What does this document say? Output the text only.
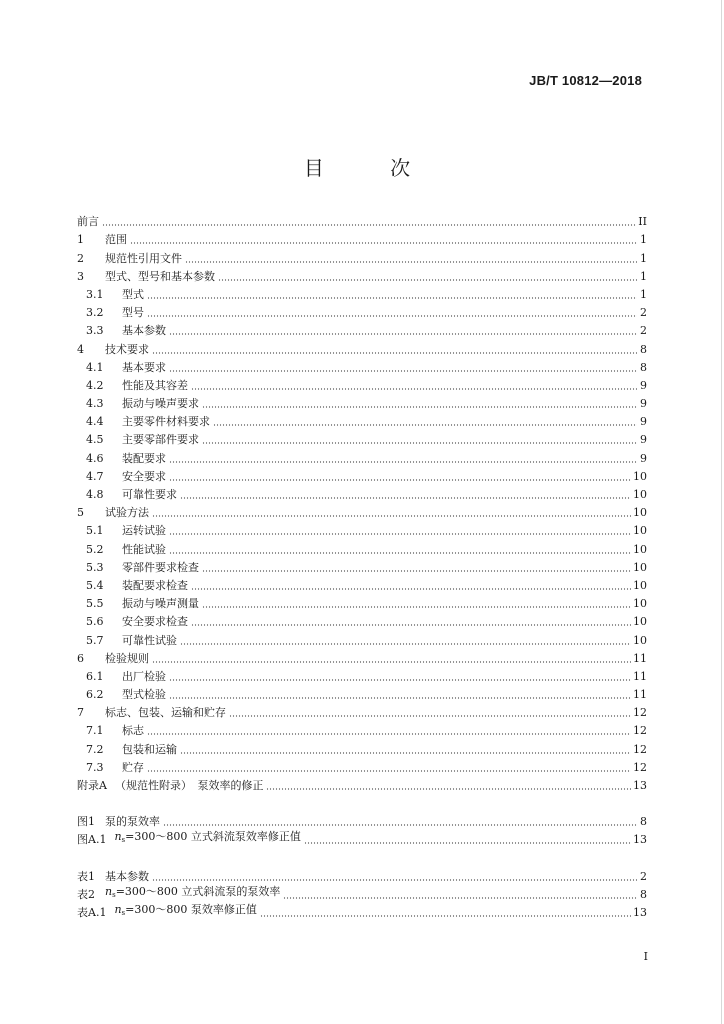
JB/T 10812—2018
目 次
前言	II
1	范围	1
2	规范性引用文件	1
3	型式、型号和基本参数	1
3.1	型式	1
3.2	型号	2
3.3	基本参数	2
4	技术要求	8
4.1	基本要求	8
4.2	性能及其容差	9
4.3	振动与噪声要求	9
4.4	主要零件材料要求	9
4.5	主要零部件要求	9
4.6	装配要求	9
4.7	安全要求	10
4.8	可靠性要求	10
5	试验方法	10
5.1	运转试验	10
5.2	性能试验	10
5.3	零部件要求检查	10
5.4	装配要求检查	10
5.5	振动与噪声测量	10
5.6	安全要求检查	10
5.7	可靠性试验	10
6	检验规则	11
6.1	出厂检验	11
6.2	型式检验	11
7	标志、包装、运输和贮存	12
7.1	标志	12
7.2	包装和运输	12
7.3	贮存	12
附录A （规范性附录）　泵效率的修正	13
图1 泵的泵效率	8
图A.1 ns=300～800 立式斜流泵效率修正值	13
表1 基本参数	2
表2 ns=300～800 立式斜流泵的泵效率	8
表A.1 ns=300～800 泵效率修正值	13
I
